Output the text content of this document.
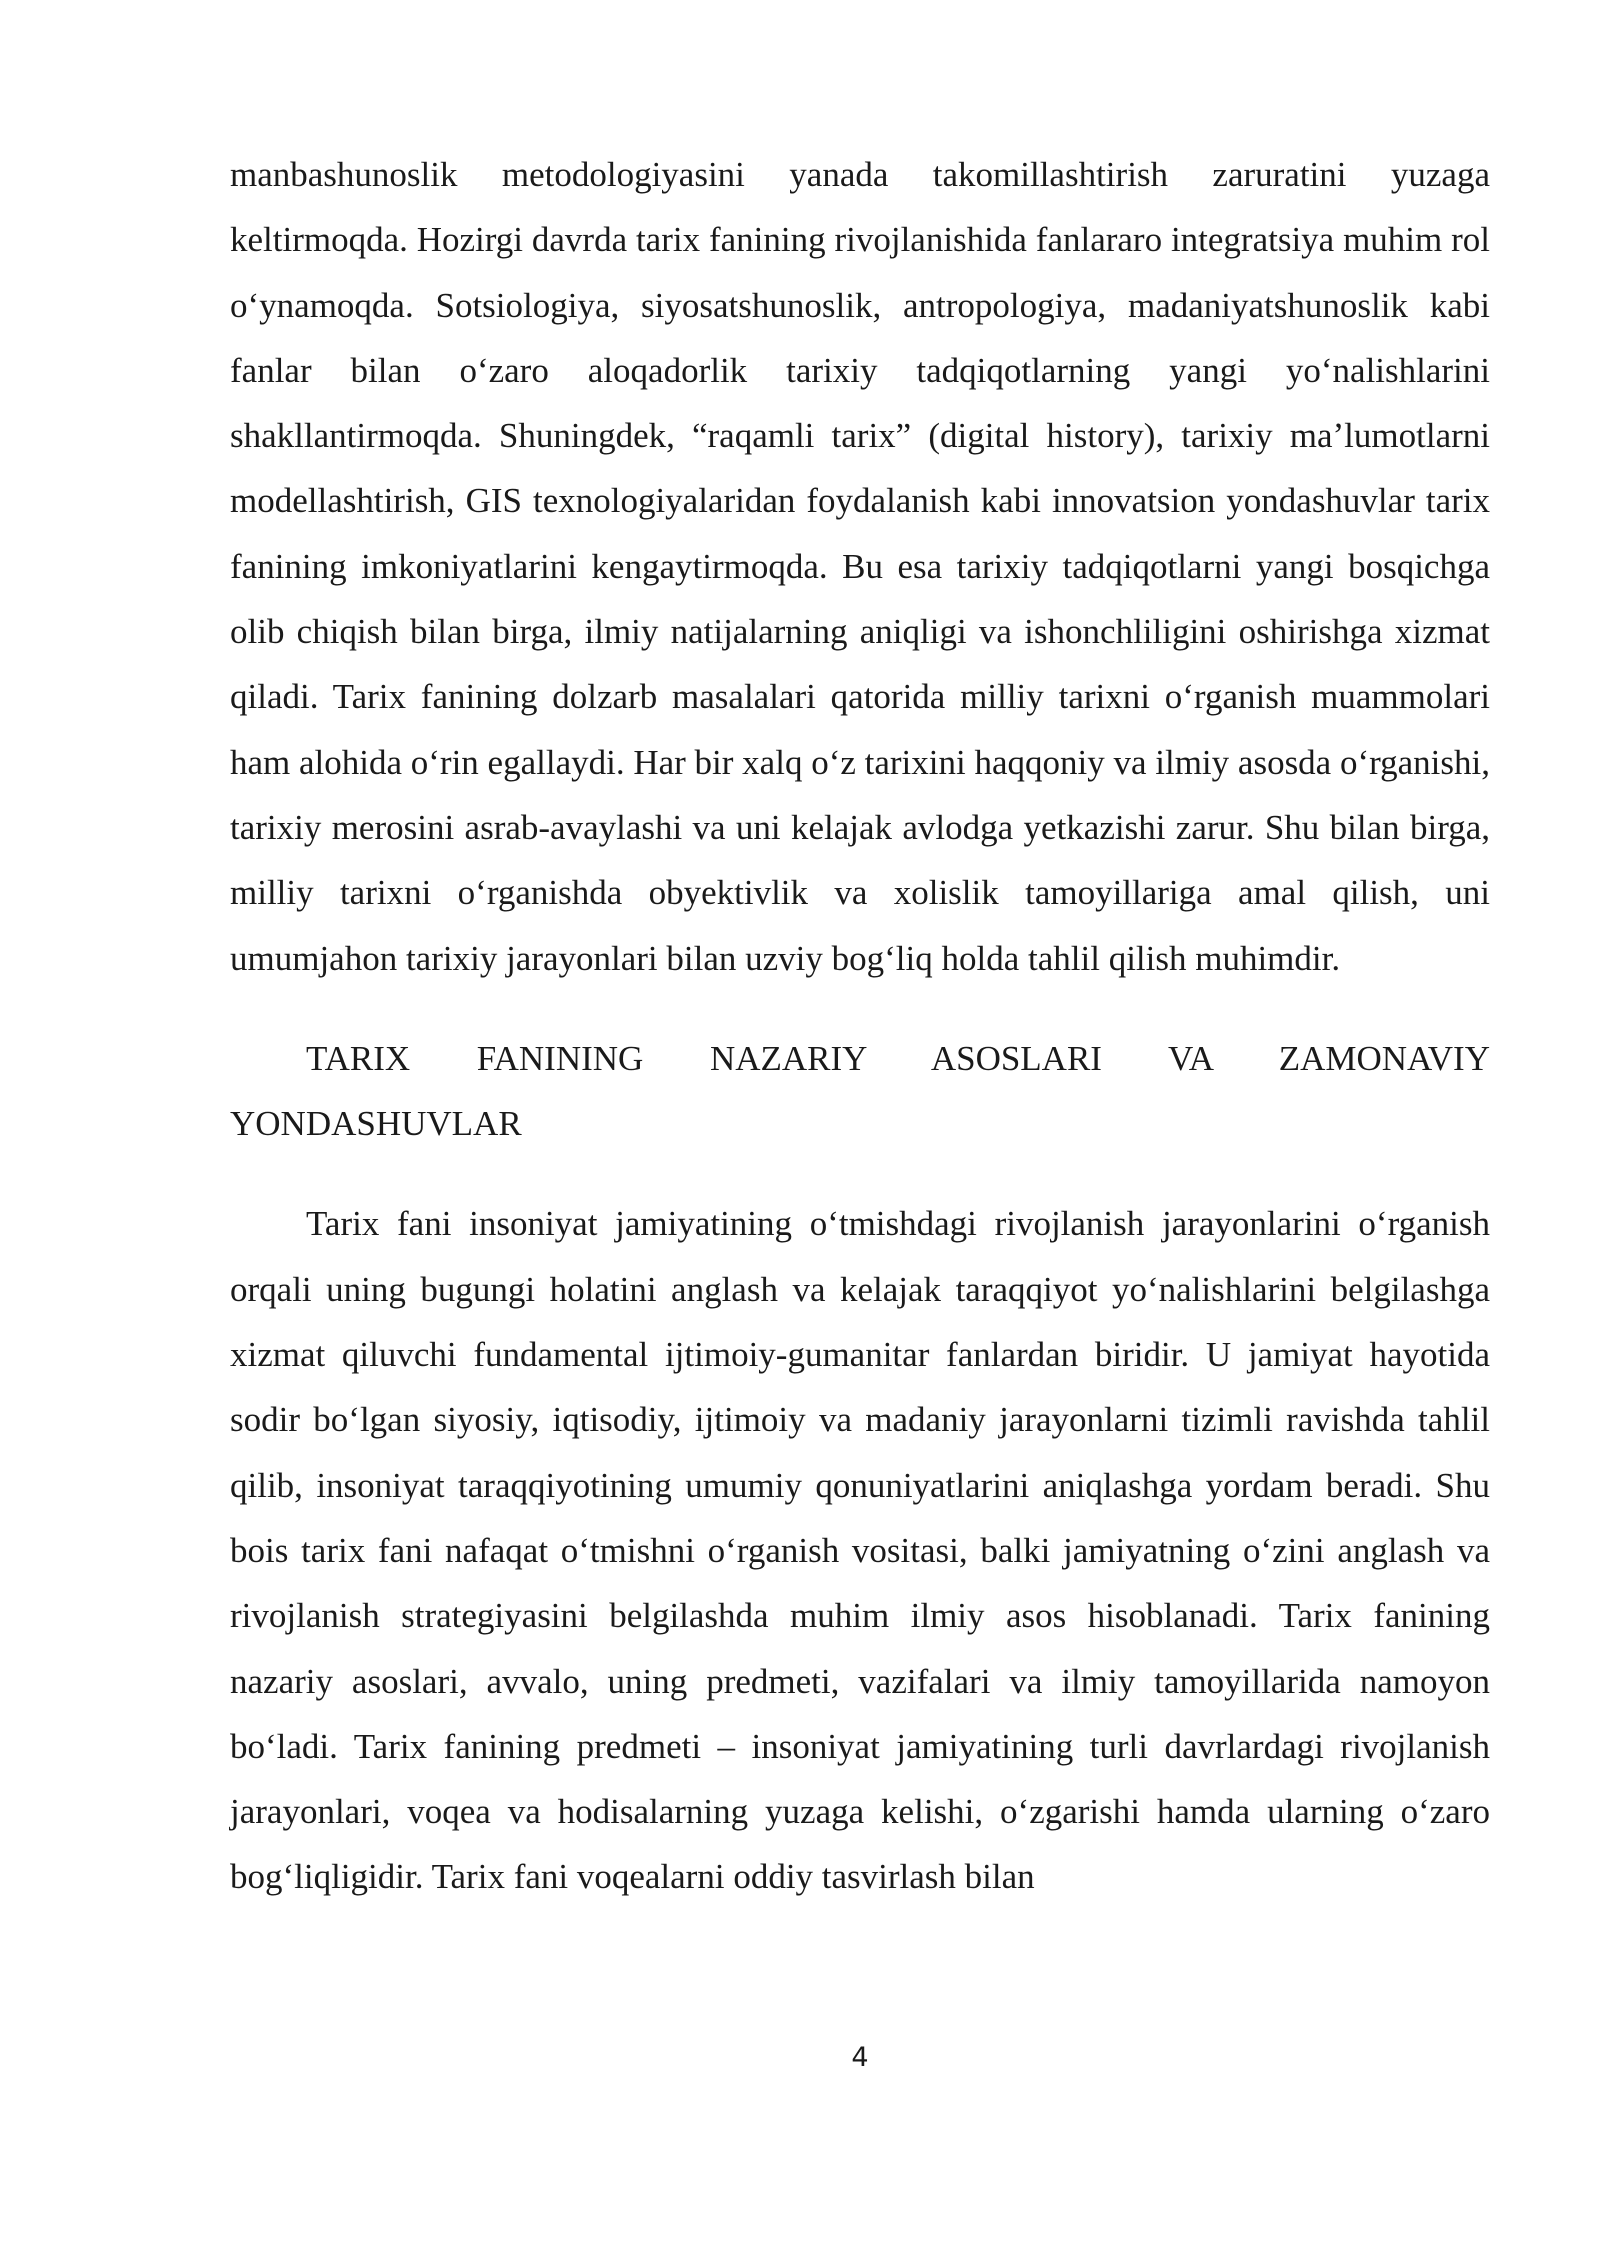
manbashunoslik metodologiyasini yanada takomillashtirish zaruratini yuzaga keltirmoqda. Hozirgi davrda tarix fanining rivojlanishida fanlararo integratsiya muhim rol oʻynamoqda. Sotsiologiya, siyosatshunoslik, antropologiya, madaniyatshunoslik kabi fanlar bilan oʻzaro aloqadorlik tarixiy tadqiqotlarning yangi yoʻnalishlarini shakllantirmoqda. Shuningdek, “raqamli tarix” (digital history), tarixiy maʼlumotlarni modellashtirish, GIS texnologiyalaridan foydalanish kabi innovatsion yondashuvlar tarix fanining imkoniyatlarini kengaytirmoqda. Bu esa tarixiy tadqiqotlarni yangi bosqichga olib chiqish bilan birga, ilmiy natijalarning aniqligi va ishonchliligini oshirishga xizmat qiladi. Tarix fanining dolzarb masalalari qatorida milliy tarixni oʻrganish muammolari ham alohida oʻrin egallaydi. Har bir xalq oʻz tarixini haqqoniy va ilmiy asosda oʻrganishi, tarixiy merosini asrab-avaylashi va uni kelajak avlodga yetkazishi zarur. Shu bilan birga, milliy tarixni oʻrganishda obyektivlik va xolislik tamoyillariga amal qilish, uni umumjahon tarixiy jarayonlari bilan uzviy bogʻliq holda tahlil qilish muhimdir.

TARIX FANINING NAZARIY ASOSLARI VA ZAMONAVIY YONDASHUVLAR

Tarix fani insoniyat jamiyatining oʻtmishdagi rivojlanish jarayonlarini oʻrganish orqali uning bugungi holatini anglash va kelajak taraqqiyot yoʻnalishlarini belgilashga xizmat qiluvchi fundamental ijtimoiy-gumanitar fanlardan biridir. U jamiyat hayotida sodir boʻlgan siyosiy, iqtisodiy, ijtimoiy va madaniy jarayonlarni tizimli ravishda tahlil qilib, insoniyat taraqqiyotining umumiy qonuniyatlarini aniqlashga yordam beradi. Shu bois tarix fani nafaqat oʻtmishni oʻrganish vositasi, balki jamiyatning oʻzini anglash va rivojlanish strategiyasini belgilashda muhim ilmiy asos hisoblanadi. Tarix fanining nazariy asoslari, avvalo, uning predmeti, vazifalari va ilmiy tamoyillarida namoyon boʻladi. Tarix fanining predmeti – insoniyat jamiyatining turli davrlardagi rivojlanish jarayonlari, voqea va hodisalarning yuzaga kelishi, oʻzgarishi hamda ularning oʻzaro bogʻliqligidir. Tarix fani voqealarni oddiy tasvirlash bilan

4
